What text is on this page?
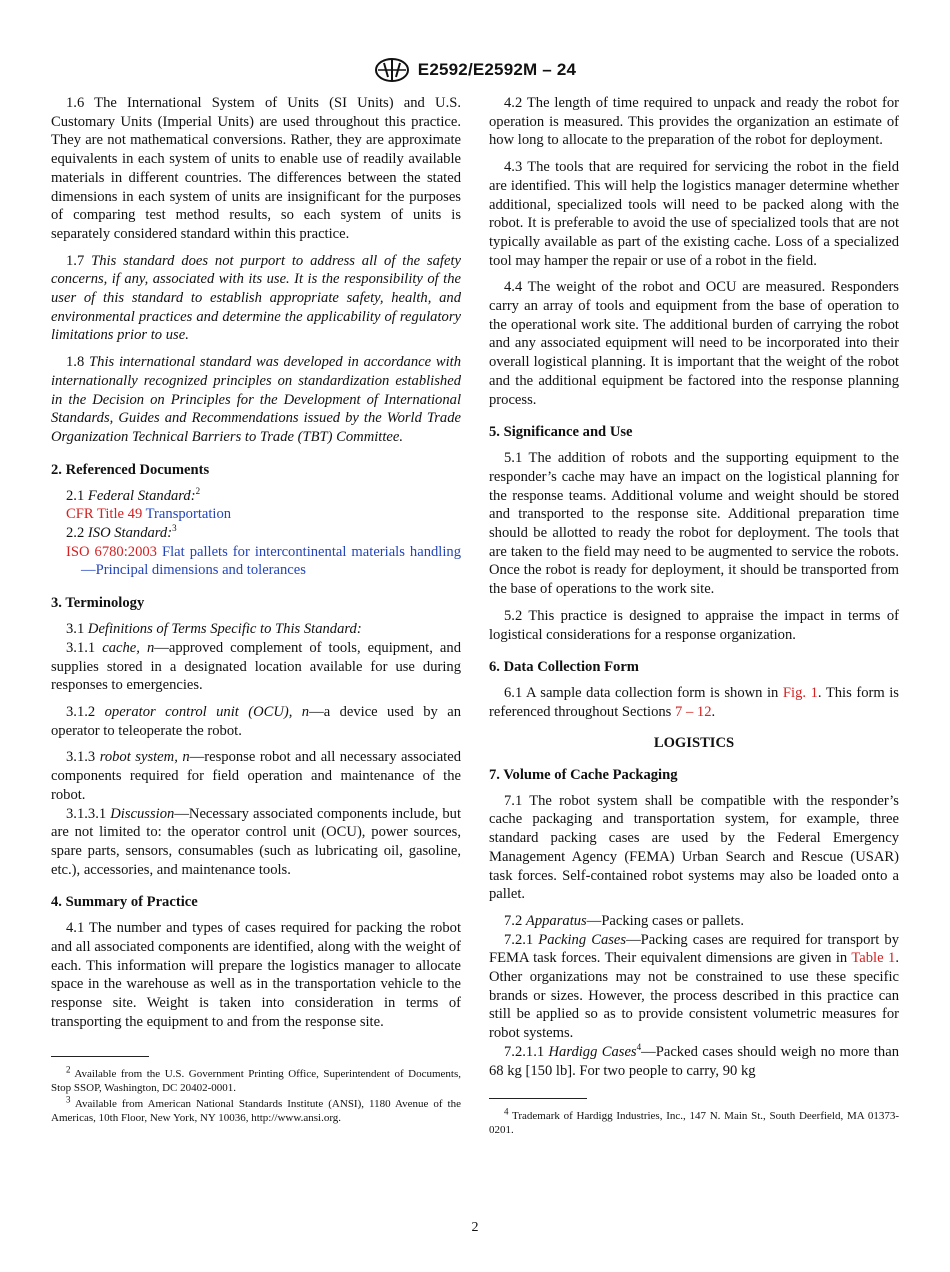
E2592/E2592M – 24

1.6 The International System of Units (SI Units) and U.S. Customary Units (Imperial Units) are used throughout this practice. They are not mathematical conversions. Rather, they are approximate equivalents in each system of units to enable use of readily available materials in different countries. The differences between the stated dimensions in each system of units are insignificant for the purposes of comparing test method results, so each system of units is separately considered standard within this practice.

1.7 This standard does not purport to address all of the safety concerns, if any, associated with its use. It is the responsibility of the user of this standard to establish appropriate safety, health, and environmental practices and determine the applicability of regulatory limitations prior to use.

1.8 This international standard was developed in accordance with internationally recognized principles on standardization established in the Decision on Principles for the Development of International Standards, Guides and Recommendations issued by the World Trade Organization Technical Barriers to Trade (TBT) Committee.

2. Referenced Documents
2.1 Federal Standard:$^2$
CFR Title 49 Transportation
2.2 ISO Standard:$^3$
ISO 6780:2003 Flat pallets for intercontinental materials handling—Principal dimensions and tolerances
3. Terminology

3.1 Definitions of Terms Specific to This Standard:

3.1.1 cache, n—approved complement of tools, equipment, and supplies stored in a designated location available for use during responses to emergencies.

3.1.2 operator control unit (OCU), n—a device used by an operator to teleoperate the robot.

3.1.3 robot system, n—response robot and all necessary associated components required for field operation and maintenance of the robot.

3.1.3.1 Discussion—Necessary associated components include, but are not limited to: the operator control unit (OCU), power sources, spare parts, sensors, consumables (such as lubricating oil, gasoline, etc.), accessories, and maintenance tools.

4. Summary of Practice

4.1 The number and types of cases required for packing the robot and all associated components are identified, along with the weight of each. This information will prepare the logistics manager to allocate space in the warehouse as well as in the transportation vehicle to the response site. Weight is taken into consideration in terms of transporting the equipment to and from the response site.

$^2$ Available from the U.S. Government Printing Office, Superintendent of Documents, Stop SSOP, Washington, DC 20402-0001.

$^3$ Available from American National Standards Institute (ANSI), 1180 Avenue of the Americas, 10th Floor, New York, NY 10036, http://www.ansi.org.

4.2 The length of time required to unpack and ready the robot for operation is measured. This provides the organization an estimate of how long to allocate to the preparation of the robot for deployment.

4.3 The tools that are required for servicing the robot in the field are identified. This will help the logistics manager determine whether additional, specialized tools will need to be packed along with the robot. It is preferable to avoid the use of specialized tools that are not typically available as part of the existing cache. Loss of a specialized tool may hamper the repair or use of a robot in the field.

4.4 The weight of the robot and OCU are measured. Responders carry an array of tools and equipment from the base of operation to the operational work site. The additional burden of carrying the robot and any associated equipment will need to be incorporated into their overall logistical planning. It is important that the weight of the robot and the additional equipment be factored into the response planning process.

5. Significance and Use

5.1 The addition of robots and the supporting equipment to the responder’s cache may have an impact on the logistical planning for the response teams. Additional volume and weight should be stored and transported to the response site. Additional preparation time should be allotted to ready the robot for deployment. The tools that are taken to the field may need to be augmented to service the robots. Once the robot is ready for deployment, it should be transported from the base of operations to the work site.

5.2 This practice is designed to appraise the impact in terms of logistical considerations for a response organization.

6. Data Collection Form

6.1 A sample data collection form is shown in Fig. 1. This form is referenced throughout Sections 7 – 12.

LOGISTICS
7. Volume of Cache Packaging

7.1 The robot system shall be compatible with the responder’s cache packaging and transportation system, for example, three standard packing cases are used by the Federal Emergency Management Agency (FEMA) Urban Search and Rescue (USAR) task forces. Self-contained robot systems may also be loaded onto a pallet.

7.2 Apparatus—Packing cases or pallets.

7.2.1 Packing Cases—Packing cases are required for transport by FEMA task forces. Their equivalent dimensions are given in Table 1. Other organizations may not be constrained to use these specific brands or sizes. However, the process described in this practice can still be applied so as to provide consistent volumetric measures for robot systems.

7.2.1.1 Hardigg Cases$^4$—Packed cases should weigh no more than 68 kg [150 lb]. For two people to carry, 90 kg

$^4$ Trademark of Hardigg Industries, Inc., 147 N. Main St., South Deerfield, MA 01373-0201.

2
